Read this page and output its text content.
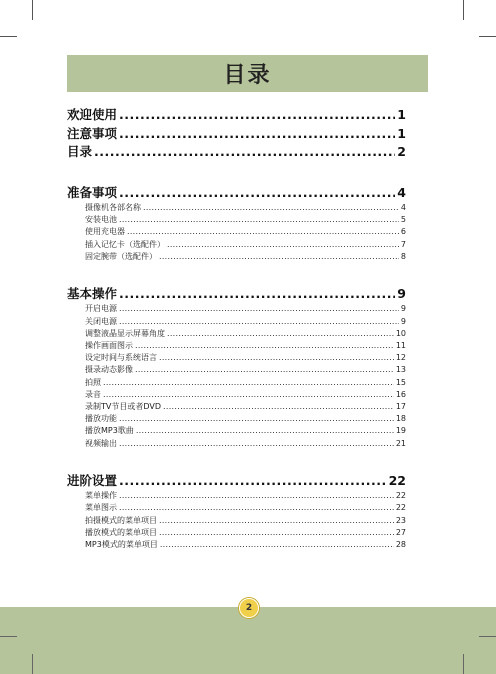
目录
欢迎使用 .....	1
注意事项 .....	1
目录 .....	2
准备事项 .....	4
摄像机各部名称 .....	4
安装电池 .....	5
使用充电器 .....	6
插入记忆卡（选配件） .....	7
固定腕带（选配件） .....	8
基本操作 .....	9
开启电源 .....	9
关闭电源 .....	9
调整液晶显示屏幕角度 .....	10
操作画面图示 .....	11
设定时间与系统语言 .....	12
摄录动态影像 .....	13
拍照 .....	15
录音 .....	16
录制TV节目或者DVD .....	17
播放功能 .....	18
播放MP3歌曲 .....	19
视频输出 .....	21
进阶设置 .....	22
菜单操作 .....	22
菜单图示 .....	22
拍摄模式的菜单项目 .....	23
播放模式的菜单项目 .....	27
MP3模式的菜单项目 .....	28
2
